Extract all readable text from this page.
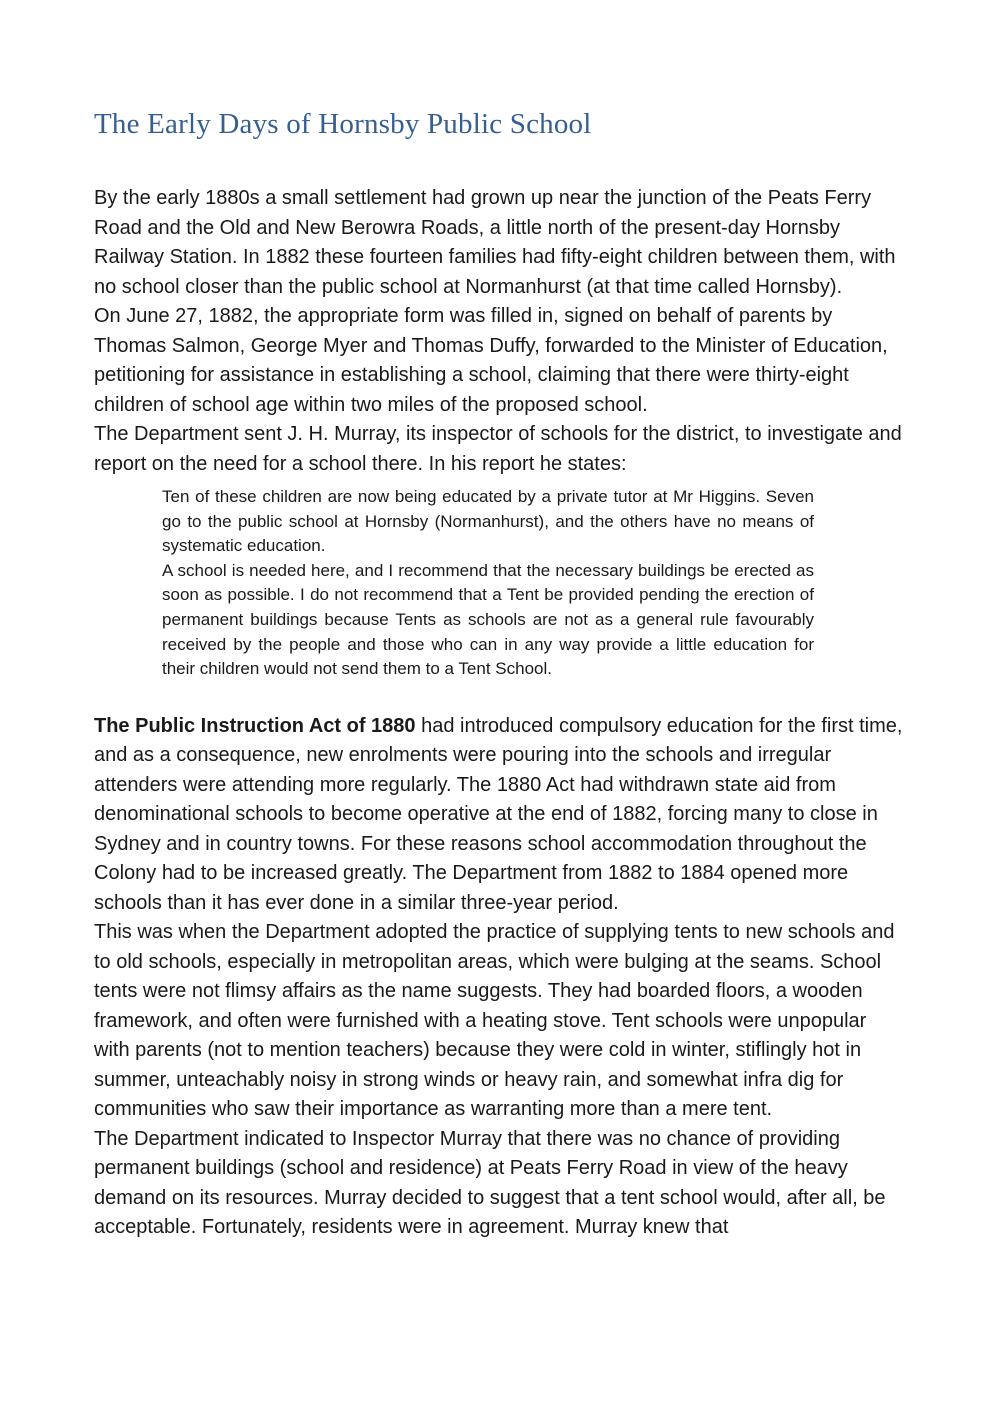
The Early Days of Hornsby Public School

By the early 1880s a small settlement had grown up near the junction of the Peats Ferry Road and the Old and New Berowra Roads, a little north of the present-day Hornsby Railway Station. In 1882 these fourteen families had fifty-eight children between them, with no school closer than the public school at Normanhurst (at that time called Hornsby).

On June 27, 1882, the appropriate form was filled in, signed on behalf of parents by Thomas Salmon, George Myer and Thomas Duffy, forwarded to the Minister of Education, petitioning for assistance in establishing a school, claiming that there were thirty-eight children of school age within two miles of the proposed school.

The Department sent J. H. Murray, its inspector of schools for the district, to investigate and report on the need for a school there. In his report he states:

Ten of these children are now being educated by a private tutor at Mr Higgins. Seven go to the public school at Hornsby (Normanhurst), and the others have no means of systematic education.

A school is needed here, and I recommend that the necessary buildings be erected as soon as possible. I do not recommend that a Tent be provided pending the erection of permanent buildings because Tents as schools are not as a general rule favourably received by the people and those who can in any way provide a little education for their children would not send them to a Tent School.

The Public Instruction Act of 1880 had introduced compulsory education for the first time, and as a consequence, new enrolments were pouring into the schools and irregular attenders were attending more regularly. The 1880 Act had withdrawn state aid from denominational schools to become operative at the end of 1882, forcing many to close in Sydney and in country towns. For these reasons school accommodation throughout the Colony had to be increased greatly. The Department from 1882 to 1884 opened more schools than it has ever done in a similar three-year period.

This was when the Department adopted the practice of supplying tents to new schools and to old schools, especially in metropolitan areas, which were bulging at the seams. School tents were not flimsy affairs as the name suggests. They had boarded floors, a wooden framework, and often were furnished with a heating stove. Tent schools were unpopular with parents (not to mention teachers) because they were cold in winter, stiflingly hot in summer, unteachably noisy in strong winds or heavy rain, and somewhat infra dig for communities who saw their importance as warranting more than a mere tent.

The Department indicated to Inspector Murray that there was no chance of providing permanent buildings (school and residence) at Peats Ferry Road in view of the heavy demand on its resources. Murray decided to suggest that a tent school would, after all, be acceptable. Fortunately, residents were in agreement. Murray knew that
